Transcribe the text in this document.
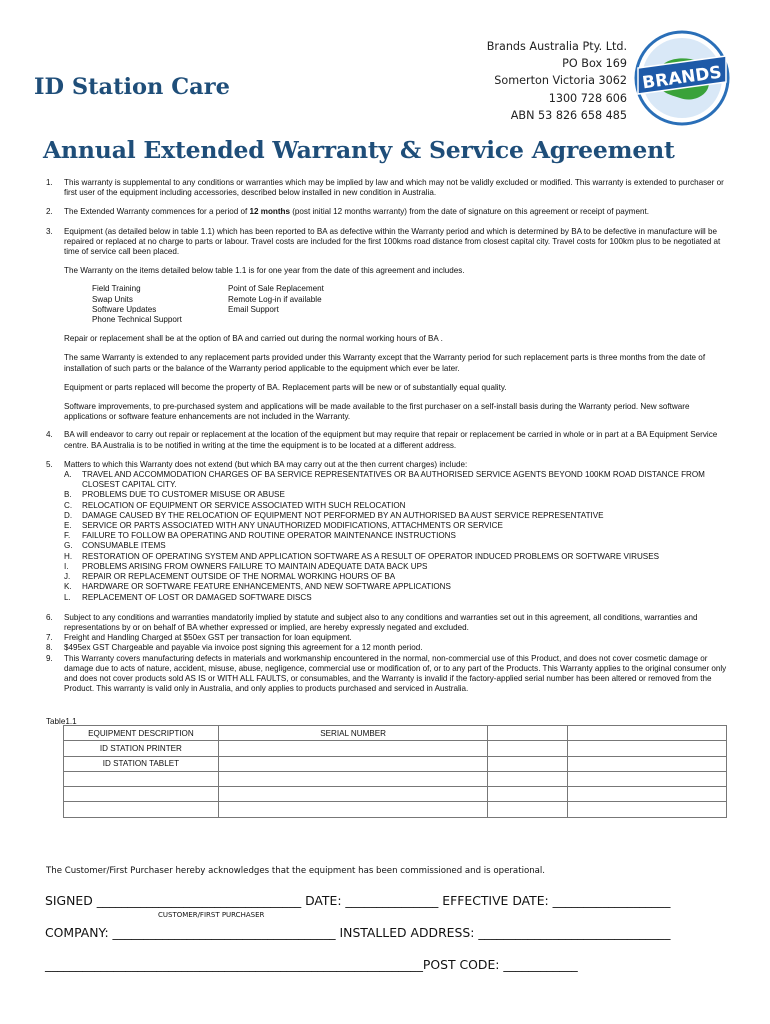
Brands Australia Pty. Ltd.
PO Box 169
Somerton Victoria 3062
1300 728 606
ABN 53 826 658 485
BRANDS
ID Station Care
Annual Extended Warranty & Service Agreement
1. This warranty is supplemental to any conditions or warranties which may be implied by law and which may not be validly excluded or modified. This warranty is extended to purchaser or first user of the equipment including accessories, described below installed in new condition in Australia.
2. The Extended Warranty commences for a period of 12 months (post initial 12 months warranty) from the date of signature on this agreement or receipt of payment.
3. Equipment (as detailed below in table 1.1) which has been reported to BA as defective within the Warranty period and which is determined by BA to be defective in manufacture will be repaired or replaced at no charge to parts or labour. Travel costs are included for the first 100kms road distance from closest capital city. Travel costs for 100km plus to be negotiated at time of service call been placed.
The Warranty on the items detailed below table 1.1 is for one year from the date of this agreement and includes.
Field Training	Point of Sale Replacement
Swap Units	Remote Log-in if available
Software Updates	Email Support
Phone Technical Support
Repair or replacement shall be at the option of BA and carried out during the normal working hours of BA .
The same Warranty is extended to any replacement parts provided under this Warranty except that the Warranty period for such replacement parts is three months from the date of installation of such parts or the balance of the Warranty period applicable to the equipment which ever be later.
Equipment or parts replaced will become the property of BA. Replacement parts will be new or of substantially equal quality.
Software improvements, to pre-purchased system and applications will be made available to the first purchaser on a self-install basis during the Warranty period. New software applications or software feature enhancements are not included in the Warranty.
4. BA will endeavor to carry out repair or replacement at the location of the equipment but may require that repair or replacement be carried in whole or in part at a BA Equipment Service centre. BA Australia is to be notified in writing at the time the equipment is to be located at a different address.
5. Matters to which this Warranty does not extend (but which BA may carry out at the then current charges) include:
A. TRAVEL AND ACCOMMODATION CHARGES OF BA SERVICE REPRESENTATIVES OR BA AUTHORISED SERVICE AGENTS BEYOND 100KM ROAD DISTANCE FROM CLOSEST CAPITAL CITY.
B. PROBLEMS DUE TO CUSTOMER MISUSE OR ABUSE
C. RELOCATION OF EQUIPMENT OR SERVICE ASSOCIATED WITH SUCH RELOCATION
D. DAMAGE CAUSED BY THE RELOCATION OF EQUIPMENT NOT PERFORMED BY AN AUTHORISED BA AUST SERVICE REPRESENTATIVE
E. SERVICE OR PARTS ASSOCIATED WITH ANY UNAUTHORIZED MODIFICATIONS, ATTACHMENTS OR SERVICE
F. FAILURE TO FOLLOW BA OPERATING AND ROUTINE OPERATOR MAINTENANCE INSTRUCTIONS
G. CONSUMABLE ITEMS
H. RESTORATION OF OPERATING SYSTEM AND APPLICATION SOFTWARE AS A RESULT OF OPERATOR INDUCED PROBLEMS OR SOFTWARE VIRUSES
I. PROBLEMS ARISING FROM OWNERS FAILURE TO MAINTAIN ADEQUATE DATA BACK UPS
J. REPAIR OR REPLACEMENT OUTSIDE OF THE NORMAL WORKING HOURS OF BA
K. HARDWARE OR SOFTWARE FEATURE ENHANCEMENTS, AND NEW SOFTWARE APPLICATIONS
L. REPLACEMENT OF LOST OR DAMAGED SOFTWARE DISCS
6. Subject to any conditions and warranties mandatorily implied by statute and subject also to any conditions and warranties set out in this agreement, all conditions, warranties and representations by or on behalf of BA whether expressed or implied, are hereby expressly negated and excluded.
7. Freight and Handling Charged at $50ex GST per transaction for loan equipment.
8. $495ex GST Chargeable and payable via invoice post signing this agreement for a 12 month period.
9. This Warranty covers manufacturing defects in materials and workmanship encountered in the normal, non-commercial use of this Product, and does not cover cosmetic damage or damage due to acts of nature, accident, misuse, abuse, negligence, commercial use or modification of, or to any part of the Products. This Warranty applies to the original consumer only and does not cover products sold AS IS or WITH ALL FAULTS, or consumables, and the Warranty is invalid if the factory-applied serial number has been altered or removed from the Product. This warranty is valid only in Australia, and only applies to products purchased and serviced in Australia.
Table1.1
EQUIPMENT DESCRIPTION	SERIAL NUMBER		
ID STATION PRINTER			
ID STATION TABLET			

The Customer/First Purchaser hereby acknowledges that the equipment has been commissioned and is operational.
SIGNED _________________________________ DATE: _______________ EFFECTIVE DATE: ___________________
CUSTOMER/FIRST PURCHASER
COMPANY: ____________________________________ INSTALLED ADDRESS: _______________________________
_____________________________________________________________POST CODE: ____________
